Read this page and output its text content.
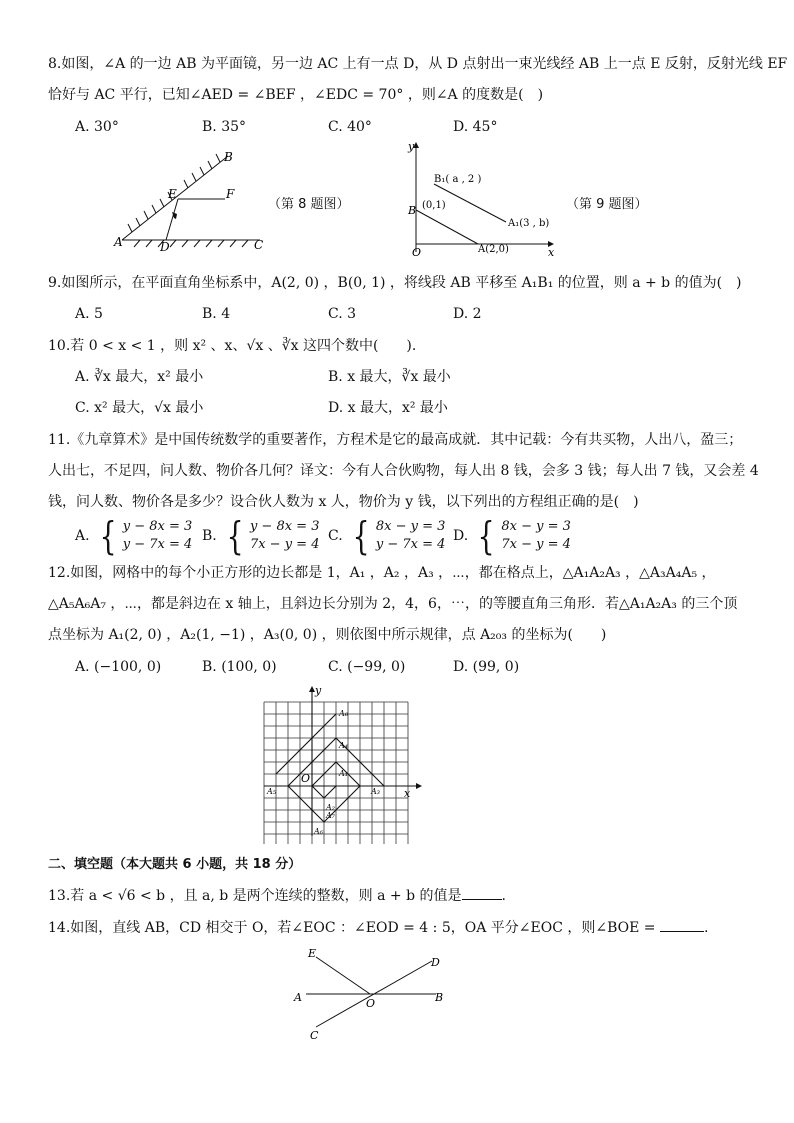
8.如图，∠A 的一边 AB 为平面镜，另一边 AC 上有一点 D，从 D 点射出一束光线经 AB 上一点 E 反射，反射光线 EF
恰好与 AC 平行，已知∠AED = ∠BEF ，∠EDC = 70° ，则∠A 的度数是(　)
A. 30°	B. 35°	C. 40°	D. 45°
A
B
C
D
E	F
（第 8 题图）
y
x
O
B (0,1)
B₁( a , 2 )
A₁(3 , b)
A(2,0)
（第 9 题图）
9.如图所示，在平面直角坐标系中，A(2, 0) ，B(0, 1) ，将线段 AB 平移至 A₁B₁ 的位置，则 a + b 的值为(　)
A. 5	B. 4	C. 3	D. 2
10.若 0 < x < 1 ，则 x² 、x、√x 、∛x 这四个数中(　　).
A. ∛x 最大，x² 最小	B. x 最大，∛x 最小
C. x² 最大，√x 最小	D. x 最大，x² 最小
11.《九章算术》是中国传统数学的重要著作，方程术是它的最高成就．其中记载：今有共买物，人出八，盈三；
人出七，不足四，问人数、物价各几何？译文：今有人合伙购物，每人出 8 钱，会多 3 钱；每人出 7 钱，又会差 4
钱，问人数、物价各是多少？设合伙人数为 x 人，物价为 y 钱，以下列出的方程组正确的是(　)
A. { y − 8x = 3
y − 7x = 4
B. { y − 8x = 3
7x − y = 4
C. { 8x − y = 3
y − 7x = 4
D. { 8x − y = 3
7x − y = 4
12.如图，网格中的每个小正方形的边长都是 1，A₁ ，A₂ ，A₃ ，⋯，都在格点上，△A₁A₂A₃ ，△A₃A₄A₅ ，
△A₅A₆A₇ ，⋯，都是斜边在 x 轴上，且斜边长分别为 2，4，6，⋯，的等腰直角三角形．若△A₁A₂A₃ 的三个顶
点坐标为 A₁(2, 0) ，A₂(1, −1) ，A₃(0, 0) ，则依图中所示规律，点 A₂₀₃ 的坐标为(　　)
A. (−100, 0)	B. (100, 0)	C. (−99, 0)	D. (99, 0)
y
x
O	A₁
A₂
A₃
A₄
A₅
A₆
A₇
A₈
二、填空题（本大题共 6 小题，共 18 分）
13.若 a < √6 < b ，且 a, b 是两个连续的整数，则 a + b 的值是	.
14.如图，直线 AB，CD 相交于 O，若∠EOC ：∠EOD = 4 : 5，OA 平分∠EOC ，则∠BOE =	.
A	B
C
D
E
O
